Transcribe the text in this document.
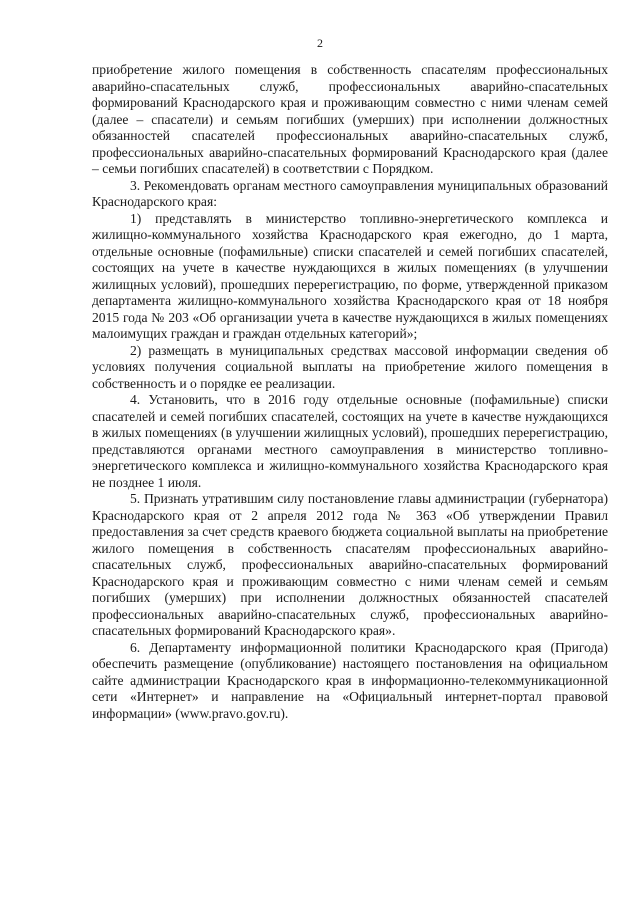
2

приобретение жилого помещения в собственность спасателям профессиональных аварийно-спасательных служб, профессиональных аварийно-спасательных формирований Краснодарского края и проживающим совместно с ними членам семей (далее – спасатели) и семьям погибших (умерших) при исполнении должностных обязанностей спасателей профессиональных аварийно-спасательных служб, профессиональных аварийно-спасательных формирований Краснодарского края (далее – семьи погибших спасателей) в соответствии с Порядком.

3. Рекомендовать органам местного самоуправления муниципальных образований Краснодарского края:

1) представлять в министерство топливно-энергетического комплекса и жилищно-коммунального хозяйства Краснодарского края ежегодно, до 1 марта, отдельные основные (пофамильные) списки спасателей и семей погибших спасателей, состоящих на учете в качестве нуждающихся в жилых помещениях (в улучшении жилищных условий), прошедших перерегистрацию, по форме, утвержденной приказом департамента жилищно-коммунального хозяйства Краснодарского края от 18 ноября 2015 года № 203 «Об организации учета в качестве нуждающихся в жилых помещениях малоимущих граждан и граждан отдельных категорий»;

2) размещать в муниципальных средствах массовой информации сведения об условиях получения социальной выплаты на приобретение жилого помещения в собственность и о порядке ее реализации.

4. Установить, что в 2016 году отдельные основные (пофамильные) списки спасателей и семей погибших спасателей, состоящих на учете в качестве нуждающихся в жилых помещениях (в улучшении жилищных условий), прошедших перерегистрацию, представляются органами местного самоуправления в министерство топливно-энергетического комплекса и жилищно-коммунального хозяйства Краснодарского края не позднее 1 июля.

5. Признать утратившим силу постановление главы администрации (губернатора) Краснодарского края от 2 апреля 2012 года № 363 «Об утверждении Правил предоставления за счет средств краевого бюджета социальной выплаты на приобретение жилого помещения в собственность спасателям профессиональных аварийно-спасательных служб, профессиональных аварийно-спасательных формирований Краснодарского края и проживающим совместно с ними членам семей и семьям погибших (умерших) при исполнении должностных обязанностей спасателей профессиональных аварийно-спасательных служб, профессиональных аварийно-спасательных формирований Краснодарского края».

6. Департаменту информационной политики Краснодарского края (Пригода) обеспечить размещение (опубликование) настоящего постановления на официальном сайте администрации Краснодарского края в информационно-телекоммуникационной сети «Интернет» и направление на «Официальный интернет-портал правовой информации» (www.pravo.gov.ru).
